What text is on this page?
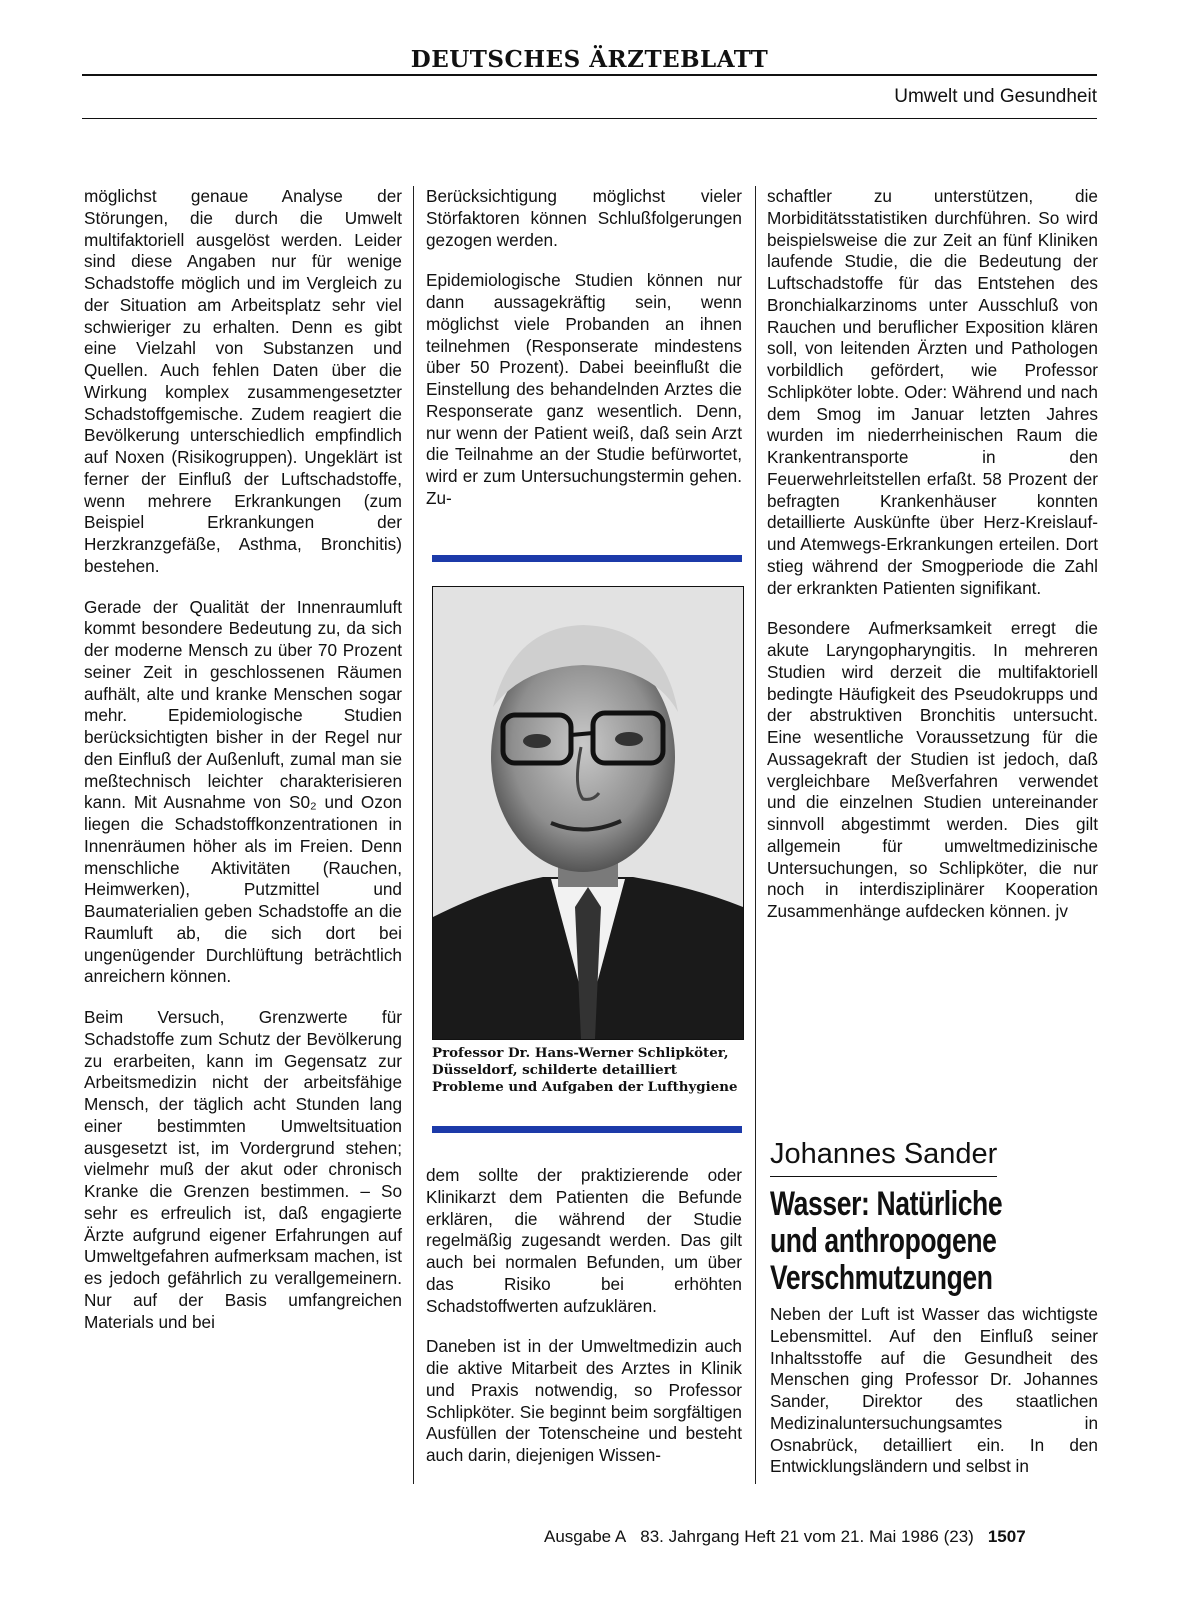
DEUTSCHES ÄRZTEBLATT
Umwelt und Gesundheit

möglichst genaue Analyse der Störungen, die durch die Umwelt multifaktoriell ausgelöst werden. Leider sind diese Angaben nur für wenige Schadstoffe möglich und im Vergleich zu der Situation am Arbeitsplatz sehr viel schwieriger zu erhalten. Denn es gibt eine Vielzahl von Substanzen und Quellen. Auch fehlen Daten über die Wirkung komplex zusammengesetzter Schadstoffgemische. Zudem reagiert die Bevölkerung unterschiedlich empfindlich auf Noxen (Risikogruppen). Ungeklärt ist ferner der Einfluß der Luftschadstoffe, wenn mehrere Erkrankungen (zum Beispiel Erkrankungen der Herzkranzgefäße, Asthma, Bronchitis) bestehen.

Gerade der Qualität der Innenraumluft kommt besondere Bedeutung zu, da sich der moderne Mensch zu über 70 Prozent seiner Zeit in geschlossenen Räumen aufhält, alte und kranke Menschen sogar mehr. Epidemiologische Studien berücksichtigten bisher in der Regel nur den Einfluß der Außenluft, zumal man sie meßtechnisch leichter charakterisieren kann. Mit Ausnahme von S0₂ und Ozon liegen die Schadstoffkonzentrationen in Innenräumen höher als im Freien. Denn menschliche Aktivitäten (Rauchen, Heimwerken), Putzmittel und Baumaterialien geben Schadstoffe an die Raumluft ab, die sich dort bei ungenügender Durchlüftung beträchtlich anreichern können.

Beim Versuch, Grenzwerte für Schadstoffe zum Schutz der Bevölkerung zu erarbeiten, kann im Gegensatz zur Arbeitsmedizin nicht der arbeitsfähige Mensch, der täglich acht Stunden lang einer bestimmten Umweltsituation ausgesetzt ist, im Vordergrund stehen; vielmehr muß der akut oder chronisch Kranke die Grenzen bestimmen. – So sehr es erfreulich ist, daß engagierte Ärzte aufgrund eigener Erfahrungen auf Umweltgefahren aufmerksam machen, ist es jedoch gefährlich zu verallgemeinern. Nur auf der Basis umfangreichen Materials und bei

Berücksichtigung möglichst vieler Störfaktoren können Schlußfolgerungen gezogen werden.

Epidemiologische Studien können nur dann aussagekräftig sein, wenn möglichst viele Probanden an ihnen teilnehmen (Responserate mindestens über 50 Prozent). Dabei beeinflußt die Einstellung des behandelnden Arztes die Responserate ganz wesentlich. Denn, nur wenn der Patient weiß, daß sein Arzt die Teilnahme an der Studie befürwortet, wird er zum Untersuchungstermin gehen. Zu-

Professor Dr. Hans-Werner Schlipköter, Düsseldorf, schilderte detailliert Probleme und Aufgaben der Lufthygiene

dem sollte der praktizierende oder Klinikarzt dem Patienten die Befunde erklären, die während der Studie regelmäßig zugesandt werden. Das gilt auch bei normalen Befunden, um über das Risiko bei erhöhten Schadstoffwerten aufzuklären.

Daneben ist in der Umweltmedizin auch die aktive Mitarbeit des Arztes in Klinik und Praxis notwendig, so Professor Schlipköter. Sie beginnt beim sorgfältigen Ausfüllen der Totenscheine und besteht auch darin, diejenigen Wissen-

schaftler zu unterstützen, die Morbiditätsstatistiken durchführen. So wird beispielsweise die zur Zeit an fünf Kliniken laufende Studie, die die Bedeutung der Luftschadstoffe für das Entstehen des Bronchialkarzinoms unter Ausschluß von Rauchen und beruflicher Exposition klären soll, von leitenden Ärzten und Pathologen vorbildlich gefördert, wie Professor Schlipköter lobte. Oder: Während und nach dem Smog im Januar letzten Jahres wurden im niederrheinischen Raum die Krankentransporte in den Feuerwehrleitstellen erfaßt. 58 Prozent der befragten Krankenhäuser konnten detaillierte Auskünfte über Herz-Kreislauf- und Atemwegs-Erkrankungen erteilen. Dort stieg während der Smogperiode die Zahl der erkrankten Patienten signifikant.

Besondere Aufmerksamkeit erregt die akute Laryngopharyngitis. In mehreren Studien wird derzeit die multifaktoriell bedingte Häufigkeit des Pseudokrupps und der abstruktiven Bronchitis untersucht. Eine wesentliche Voraussetzung für die Aussagekraft der Studien ist jedoch, daß vergleichbare Meßverfahren verwendet und die einzelnen Studien untereinander sinnvoll abgestimmt werden. Dies gilt allgemein für umweltmedizinische Untersuchungen, so Schlipköter, die nur noch in interdisziplinärer Kooperation Zusammenhänge aufdecken können. jv

Johannes Sander
Wasser: Natürliche und anthropogene Verschmutzungen

Neben der Luft ist Wasser das wichtigste Lebensmittel. Auf den Einfluß seiner Inhaltsstoffe auf die Gesundheit des Menschen ging Professor Dr. Johannes Sander, Direktor des staatlichen Medizinaluntersuchungsamtes in Osnabrück, detailliert ein. In den Entwicklungsländern und selbst in

Ausgabe A 83. Jahrgang Heft 21 vom 21. Mai 1986 (23) 1507
